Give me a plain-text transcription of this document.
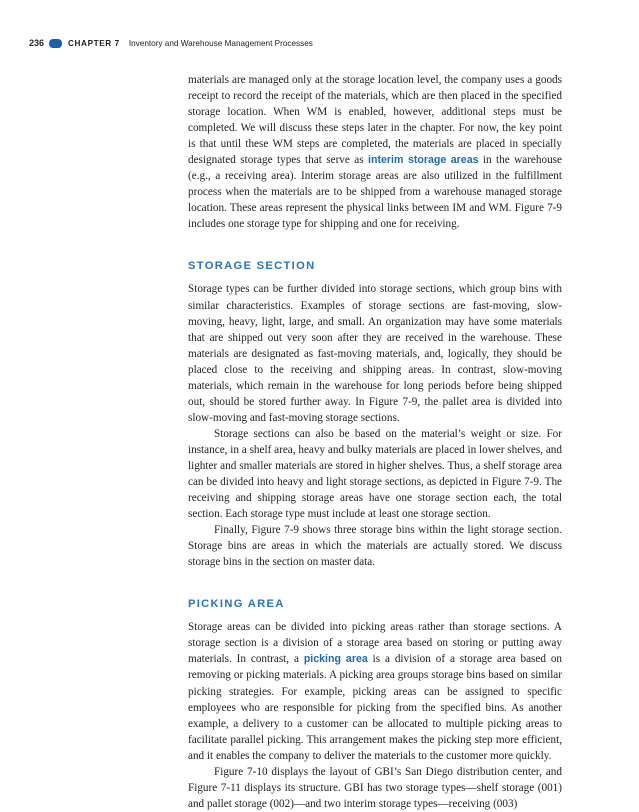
236	CHAPTER 7 Inventory and Warehouse Management Processes

materials are managed only at the storage location level, the company uses a goods receipt to record the receipt of the materials, which are then placed in the specified storage location. When WM is enabled, however, additional steps must be completed. We will discuss these steps later in the chapter. For now, the key point is that until these WM steps are completed, the materials are placed in specially designated storage types that serve as interim storage areas in the warehouse (e.g., a receiving area). Interim storage areas are also utilized in the fulfillment process when the materials are to be shipped from a warehouse managed storage location. These areas represent the physical links between IM and WM. Figure 7-9 includes one storage type for shipping and one for receiving.

STORAGE SECTION

Storage types can be further divided into storage sections, which group bins with similar characteristics. Examples of storage sections are fast-moving, slow-moving, heavy, light, large, and small. An organization may have some materials that are shipped out very soon after they are received in the warehouse. These materials are designated as fast-moving materials, and, logically, they should be placed close to the receiving and shipping areas. In contrast, slow-moving materials, which remain in the warehouse for long periods before being shipped out, should be stored further away. In Figure 7-9, the pallet area is divided into slow-moving and fast-moving storage sections.

Storage sections can also be based on the material’s weight or size. For instance, in a shelf area, heavy and bulky materials are placed in lower shelves, and lighter and smaller materials are stored in higher shelves. Thus, a shelf storage area can be divided into heavy and light storage sections, as depicted in Figure 7-9. The receiving and shipping storage areas have one storage section each, the total section. Each storage type must include at least one storage section.

Finally, Figure 7-9 shows three storage bins within the light storage section. Storage bins are areas in which the materials are actually stored. We discuss storage bins in the section on master data.

PICKING AREA

Storage areas can be divided into picking areas rather than storage sections. A storage section is a division of a storage area based on storing or putting away materials. In contrast, a picking area is a division of a storage area based on removing or picking materials. A picking area groups storage bins based on similar picking strategies. For example, picking areas can be assigned to specific employees who are responsible for picking from the specified bins. As another example, a delivery to a customer can be allocated to multiple picking areas to facilitate parallel picking. This arrangement makes the picking step more efficient, and it enables the company to deliver the materials to the customer more quickly.

Figure 7-10 displays the layout of GBI’s San Diego distribution center, and Figure 7-11 displays its structure. GBI has two storage types—shelf storage (001) and pallet storage (002)—and two interim storage types—receiving (003)
